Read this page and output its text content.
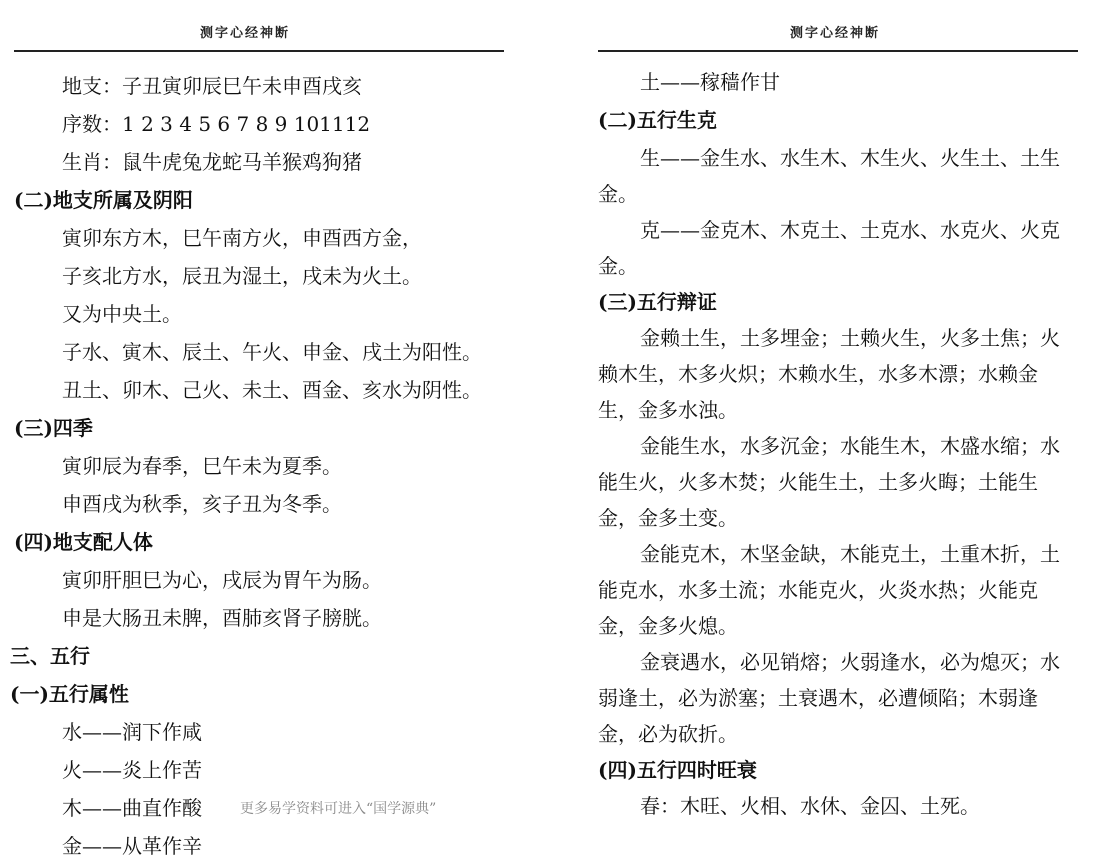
测字心经神断
地支：子丑寅卯辰巳午未申酉戌亥
序数：1 2 3 4 5 6 7 8 9 101112
生肖：鼠牛虎兔龙蛇马羊猴鸡狗猪
(二)地支所属及阴阳
寅卯东方木，巳午南方火，申酉西方金，
子亥北方水，辰丑为湿土，戌未为火土。
又为中央土。
子水、寅木、辰土、午火、申金、戌土为阳性。
丑土、卯木、己火、未土、酉金、亥水为阴性。
(三)四季
寅卯辰为春季，巳午未为夏季。
申酉戌为秋季，亥子丑为冬季。
(四)地支配人体
寅卯肝胆巳为心，戌辰为胃午为肠。
申是大肠丑未脾，酉肺亥肾子膀胱。
三、五行
(一)五行属性
水——润下作咸
火——炎上作苦
木——曲直作酸
金——从革作辛
测字心经神断
土——稼穑作甘
(二)五行生克
生——金生水、水生木、木生火、火生土、土生
金。
克——金克木、木克土、土克水、水克火、火克
金。
(三)五行辩证
金赖土生，土多埋金；土赖火生，火多土焦；火
赖木生，木多火炽；木赖水生，水多木漂；水赖金
生，金多水浊。
金能生水，水多沉金；水能生木，木盛水缩；水
能生火，火多木焚；火能生土，土多火晦；土能生
金，金多土变。
金能克木，木坚金缺，木能克土，土重木折，土
能克水，水多土流；水能克火，火炎水热；火能克
金，金多火熄。
金衰遇水，必见销熔；火弱逢水，必为熄灭；水
弱逢土，必为淤塞；土衰遇木，必遭倾陷；木弱逢
金，必为砍折。
(四)五行四时旺衰
春：木旺、火相、水休、金囚、土死。
更多易学资料可进入“国学源典”
